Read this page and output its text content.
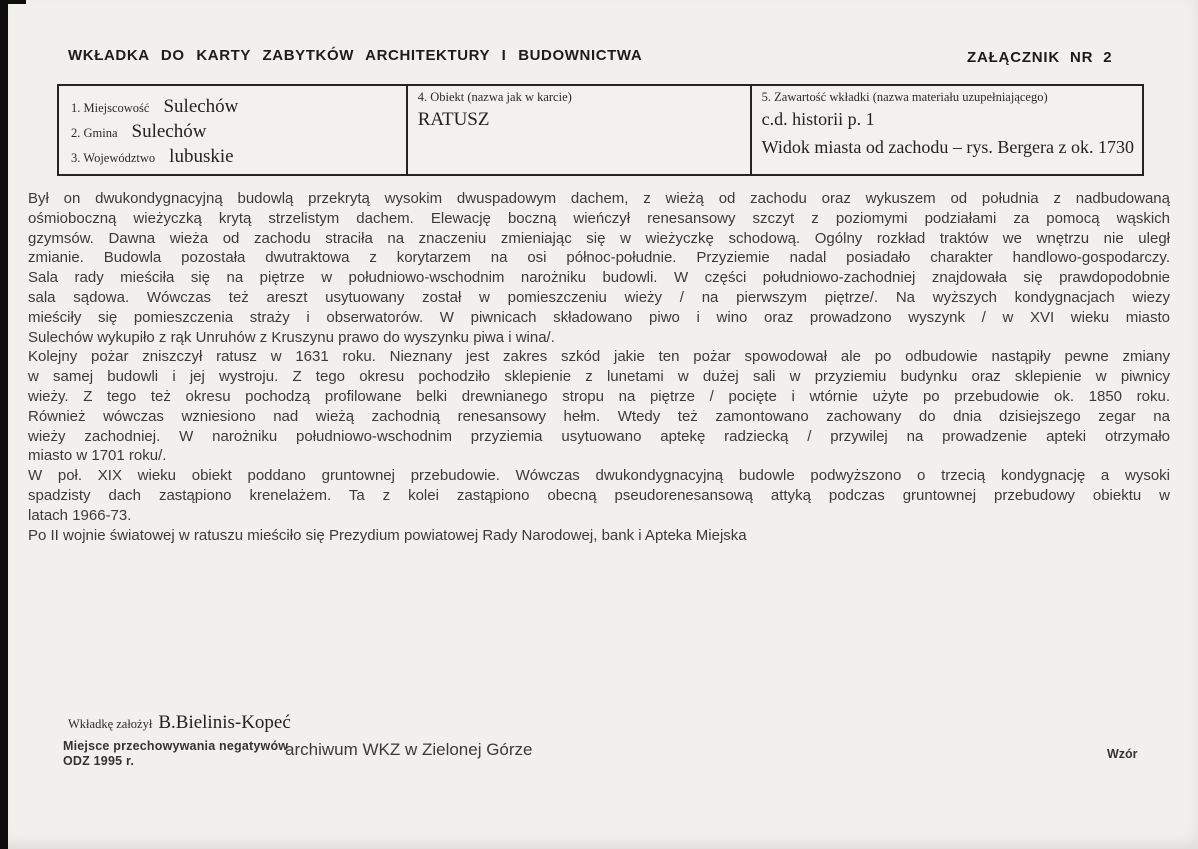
WKŁADKA DO KARTY ZABYTKÓW ARCHITEKTURY I BUDOWNICTWA	ZAŁĄCZNIK NR 2
1. Miejscowość Sulechów
2. Gmina Sulechów
3. Województwo lubuskie
4. Obiekt (nazwa jak w karcie)
RATUSZ
5. Zawartość wkładki (nazwa materiału uzupełniającego)
c.d. historii p. 1
Widok miasta od zachodu – rys. Bergera z ok. 1730
Był on dwukondygnacyjną budowlą przekrytą wysokim dwuspadowym dachem, z wieżą od zachodu oraz wykuszem od południa z nadbudowaną
ośmioboczną wieżyczką krytą strzelistym dachem. Elewację boczną wieńczył renesansowy szczyt z poziomymi podziałami za pomocą wąskich
gzymsów. Dawna wieża od zachodu straciła na znaczeniu zmieniając się w wieżyczkę schodową. Ogólny rozkład traktów we wnętrzu nie uległ
zmianie. Budowla pozostała dwutraktowa z korytarzem na osi północ-południe. Przyziemie nadal posiadało charakter handlowo-gospodarczy.
Sala rady mieściła się na piętrze w południowo-wschodnim narożniku budowli. W części południowo-zachodniej znajdowała się prawdopodobnie
sala sądowa. Wówczas też areszt usytuowany został w pomieszczeniu wieży / na pierwszym piętrze/. Na wyższych kondygnacjach wiezy
mieściły się pomieszczenia straży i obserwatorów. W piwnicach składowano piwo i wino oraz prowadzono wyszynk / w XVI wieku miasto
Sulechów wykupiło z rąk Unruhów z Kruszynu prawo do wyszynku piwa i wina/.
Kolejny pożar zniszczył ratusz w 1631 roku. Nieznany jest zakres szkód jakie ten pożar spowodował ale po odbudowie nastąpiły pewne zmiany
w samej budowli i jej wystroju. Z tego okresu pochodziło sklepienie z lunetami w dużej sali w przyziemiu budynku oraz sklepienie w piwnicy
wieży. Z tego też okresu pochodzą profilowane belki drewnianego stropu na piętrze / pocięte i wtórnie użyte po przebudowie ok. 1850 roku.
Również wówczas wzniesiono nad wieżą zachodnią renesansowy hełm. Wtedy też zamontowano zachowany do dnia dzisiejszego zegar na
wieży zachodniej. W narożniku południowo-wschodnim przyziemia usytuowano aptekę radziecką / przywilej na prowadzenie apteki otrzymało
miasto w 1701 roku/.
W poł. XIX wieku obiekt poddano gruntownej przebudowie. Wówczas dwukondygnacyjną budowle podwyższono o trzecią kondygnację a wysoki
spadzisty dach zastąpiono krenelażem. Ta z kolei zastąpiono obecną pseudorenesansową attyką podczas gruntownej przebudowy obiektu w
latach 1966-73.
Po II wojnie światowej w ratuszu mieściło się Prezydium powiatowej Rady Narodowej, bank i Apteka Miejska
Wkładkę założył B.Bielinis-Kopeć
Miejsce przechowywania negatywów
ODZ 1995 r.
archiwum WKZ w Zielonej Górze	Wzór
